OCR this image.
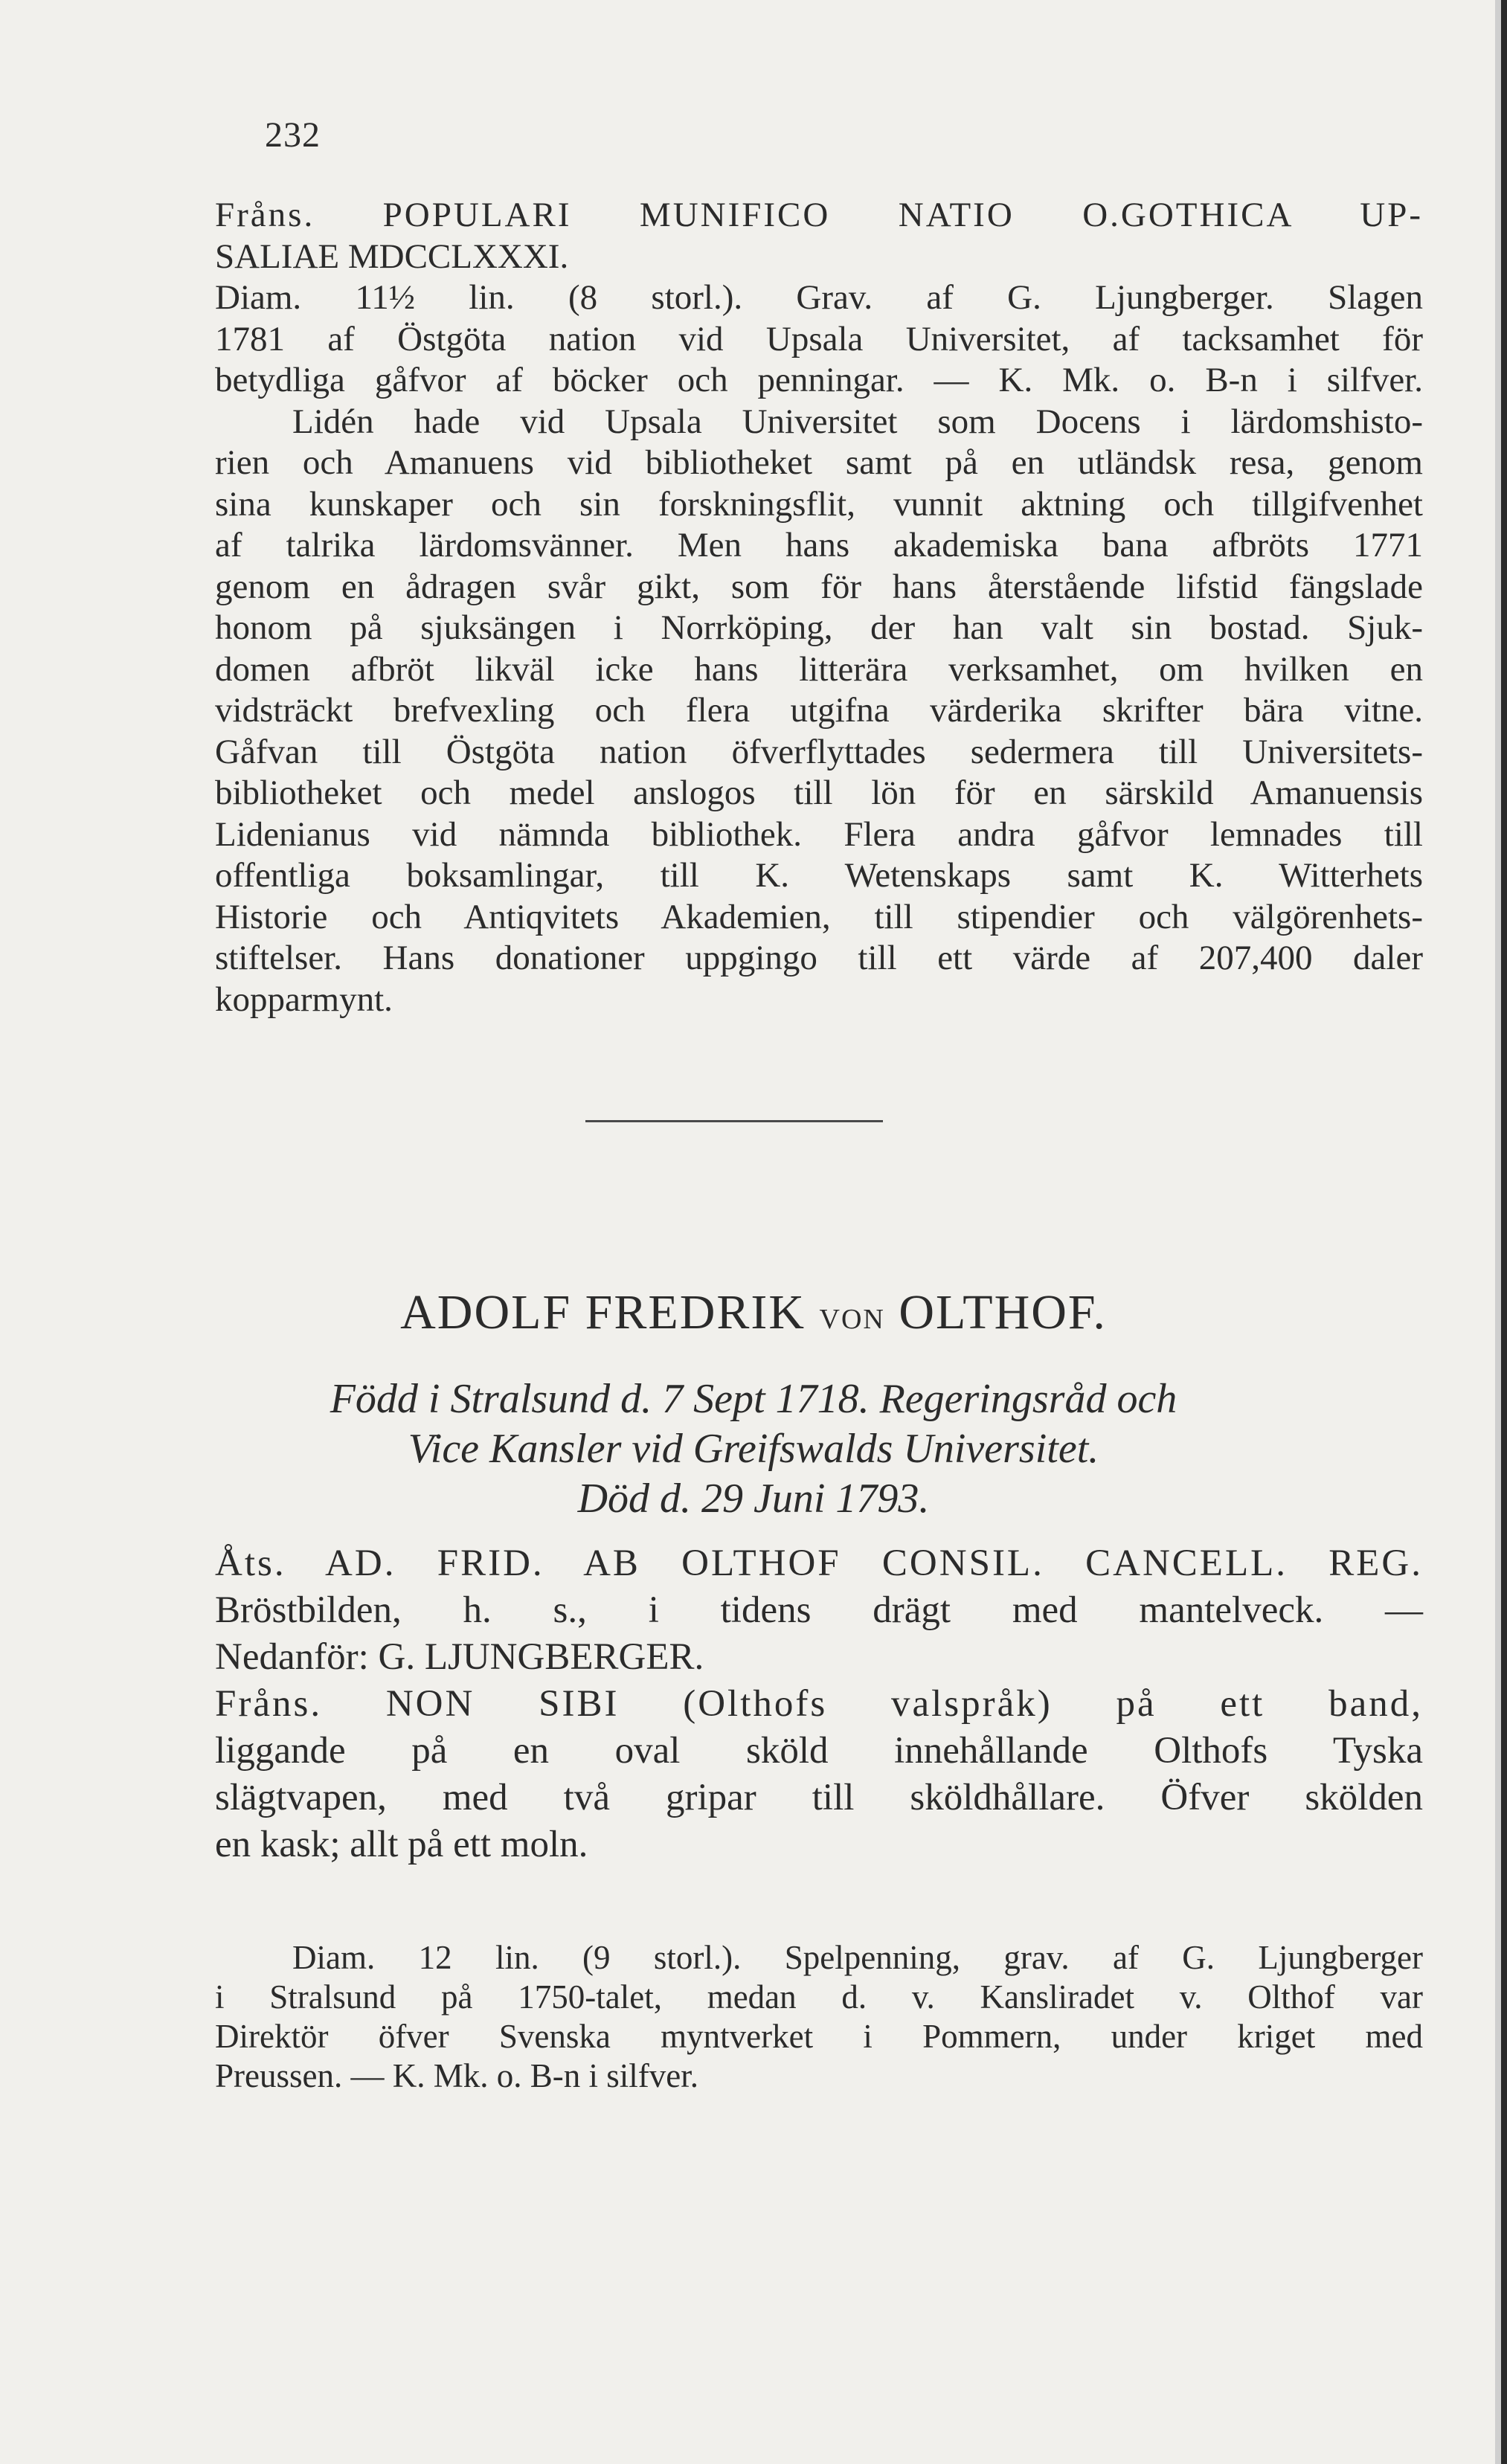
232
Fråns. POPULARI MUNIFICO NATIO O.GOTHICA UP-
SALIAE MDCCLXXXI.
Diam. 11½ lin. (8 storl.). Grav. af G. Ljungberger. Slagen
1781 af Östgöta nation vid Upsala Universitet, af tacksamhet för
betydliga gåfvor af böcker och penningar. — K. Mk. o. B-n i silfver.
Lidén hade vid Upsala Universitet som Docens i lärdomshisto-
rien och Amanuens vid bibliotheket samt på en utländsk resa, genom
sina kunskaper och sin forskningsflit, vunnit aktning och tillgifvenhet
af talrika lärdomsvänner. Men hans akademiska bana afbröts 1771
genom en ådragen svår gikt, som för hans återstående lifstid fängslade
honom på sjuksängen i Norrköping, der han valt sin bostad. Sjuk-
domen afbröt likväl icke hans litterära verksamhet, om hvilken en
vidsträckt brefvexling och flera utgifna värderika skrifter bära vitne.
Gåfvan till Östgöta nation öfverflyttades sedermera till Universitets-
bibliotheket och medel anslogos till lön för en särskild Amanuensis
Lidenianus vid nämnda bibliothek. Flera andra gåfvor lemnades till
offentliga boksamlingar, till K. Wetenskaps samt K. Witterhets
Historie och Antiqvitets Akademien, till stipendier och välgörenhets-
stiftelser. Hans donationer uppgingo till ett värde af 207,400 daler
kopparmynt.
ADOLF FREDRIK VON OLTHOF.
Född i Stralsund d. 7 Sept 1718. Regeringsråd och
Vice Kansler vid Greifswalds Universitet.
Död d. 29 Juni 1793.
Åts. AD. FRID. AB OLTHOF CONSIL. CANCELL. REG.
Bröstbilden, h. s., i tidens drägt med mantelveck. —
Nedanför: G. LJUNGBERGER.
Fråns. NON SIBI (Olthofs valspråk) på ett band,
liggande på en oval sköld innehållande Olthofs Tyska
slägtvapen, med två gripar till sköldhållare. Öfver skölden
en kask; allt på ett moln.
Diam. 12 lin. (9 storl.). Spelpenning, grav. af G. Ljungberger
i Stralsund på 1750-talet, medan d. v. Kansliradet v. Olthof var
Direktör öfver Svenska myntverket i Pommern, under kriget med
Preussen. — K. Mk. o. B-n i silfver.
